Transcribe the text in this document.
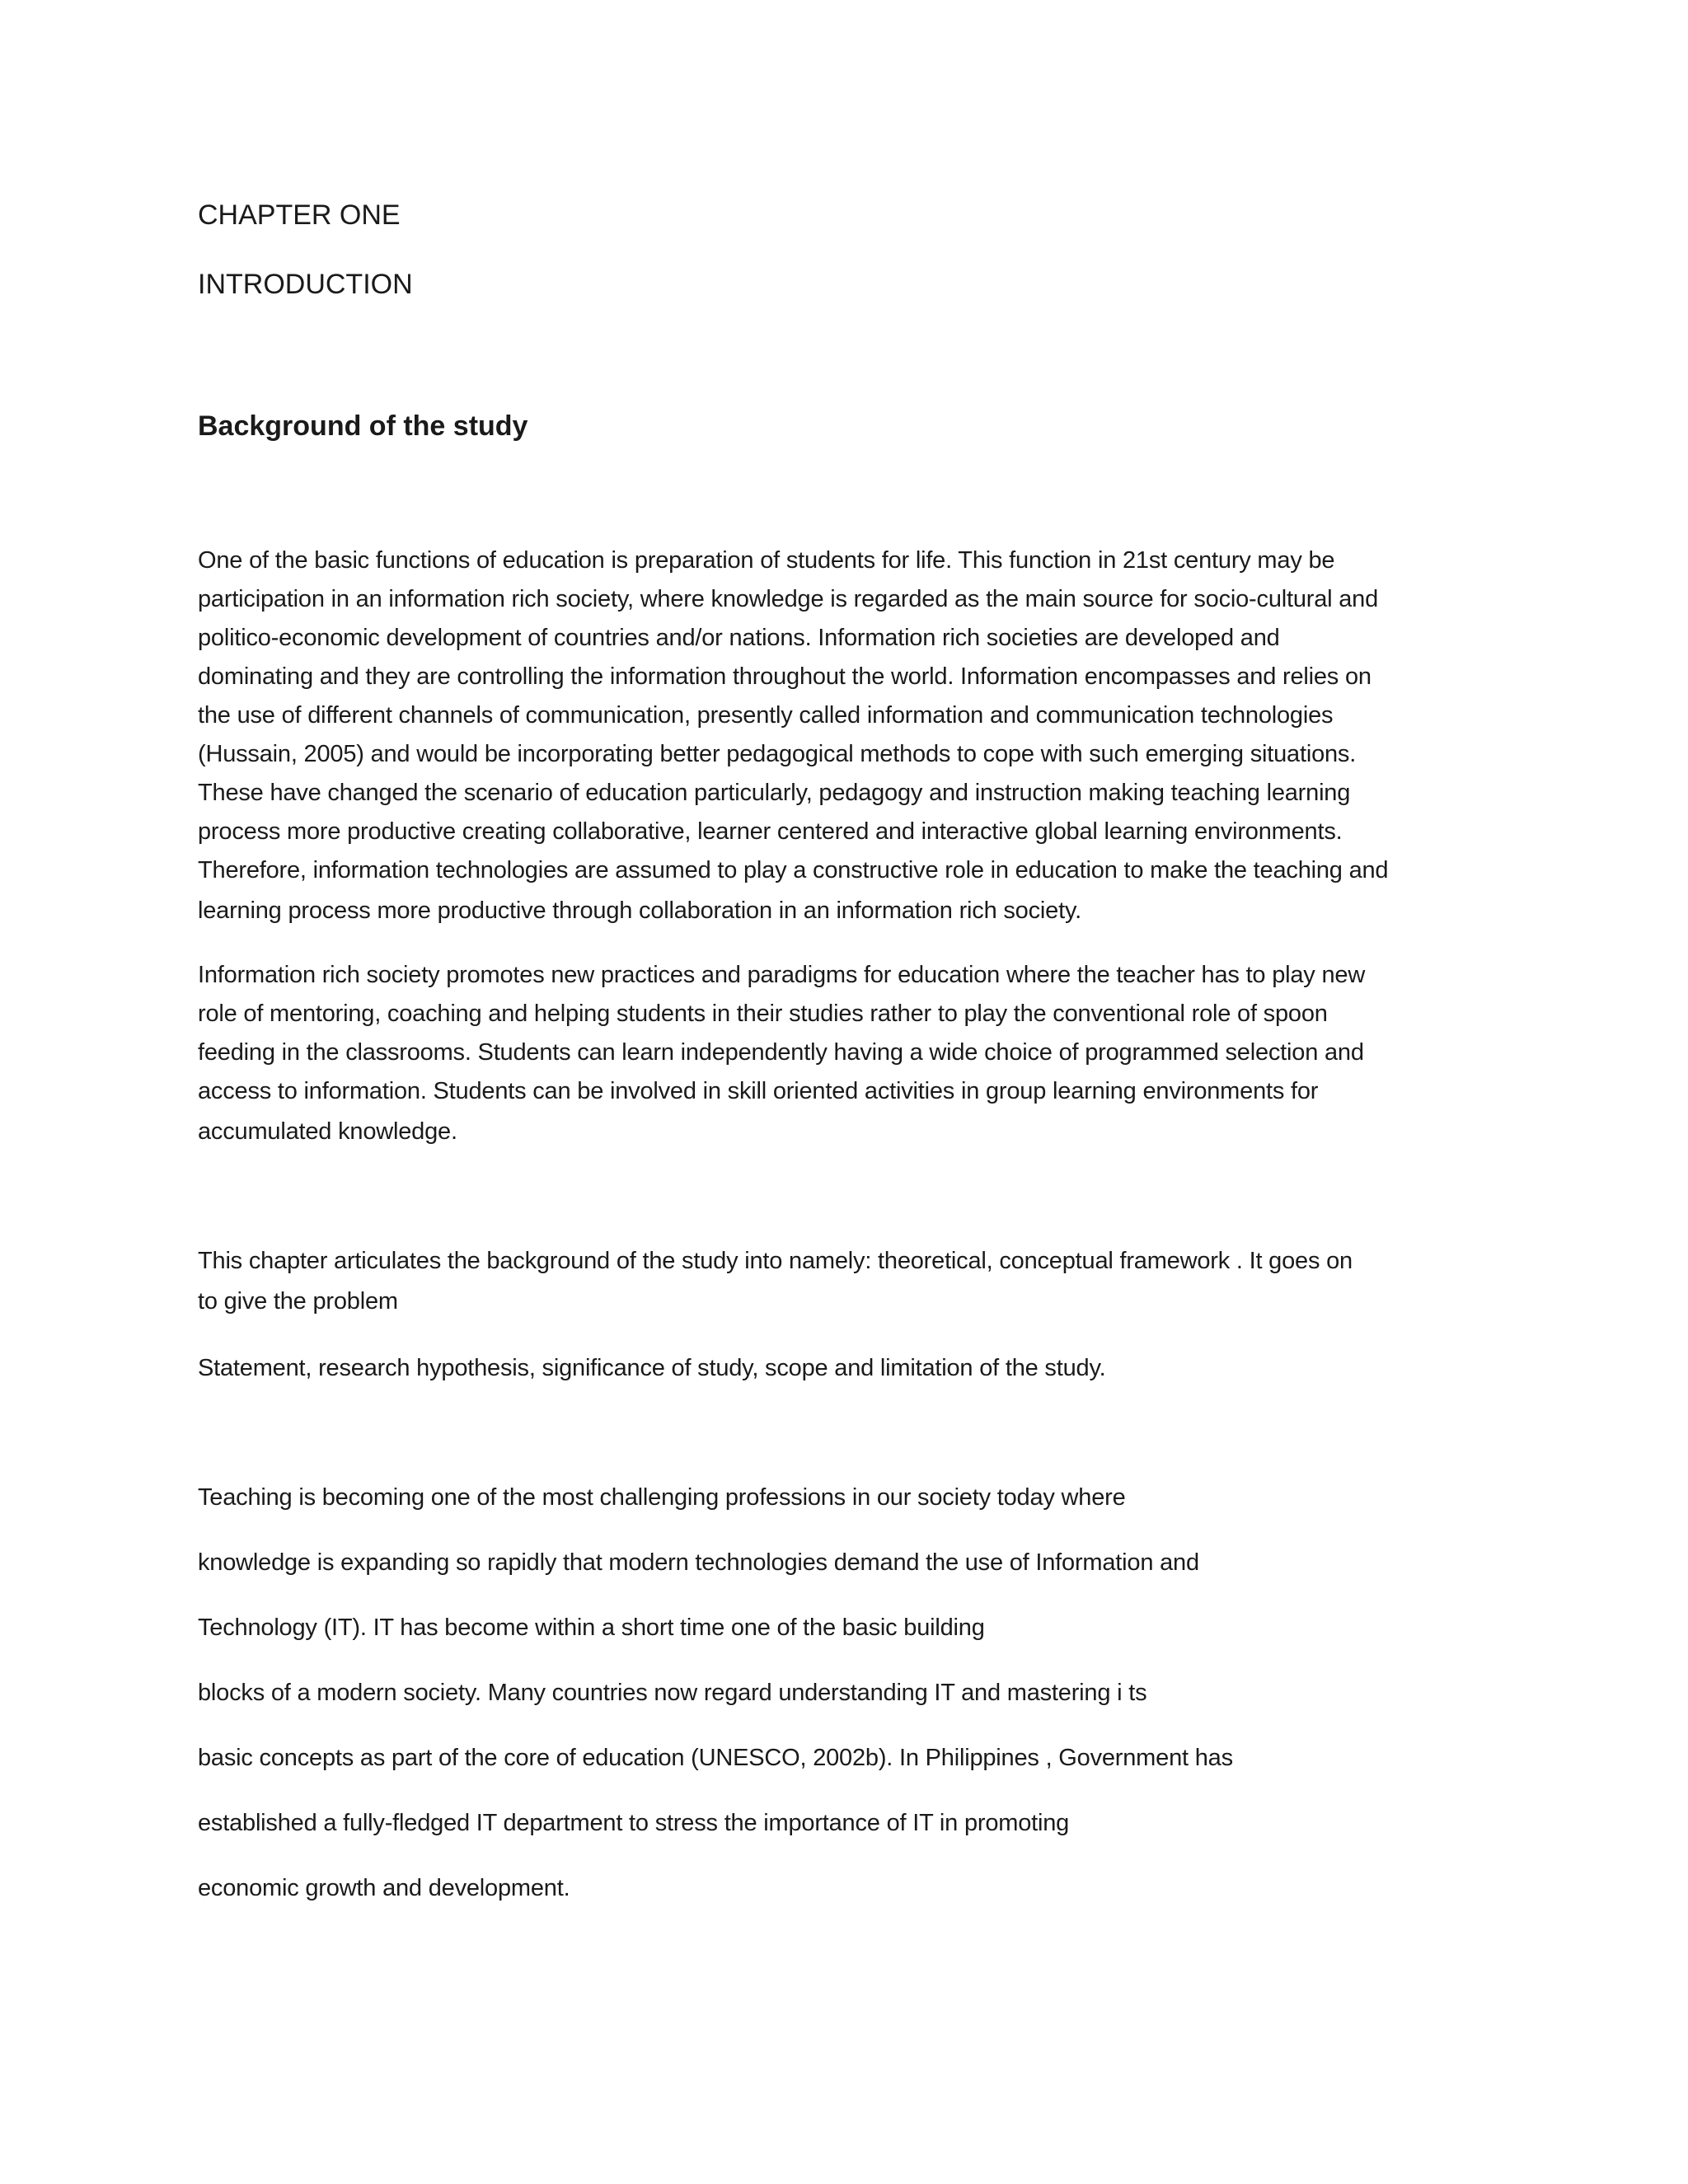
CHAPTER ONE
INTRODUCTION
Background of the study
One of the basic functions of education is preparation of students for life. This function in 21st century may be
participation in an information rich society, where knowledge is regarded as the main source for socio-cultural and
politico-economic development of countries and/or nations. Information rich societies are developed and
dominating and they are controlling the information throughout the world. Information encompasses and relies on
the use of different channels of communication, presently called information and communication technologies
(Hussain, 2005) and would be incorporating better pedagogical methods to cope with such emerging situations.
These have changed the scenario of education particularly, pedagogy and instruction making teaching learning
process more productive creating collaborative, learner centered and interactive global learning environments.
Therefore, information technologies are assumed to play a constructive role in education to make the teaching and
learning process more productive through collaboration in an information rich society.
Information rich society promotes new practices and paradigms for education where the teacher has to play new
role of mentoring, coaching and helping students in their studies rather to play the conventional role of spoon
feeding in the classrooms. Students can learn independently having a wide choice of programmed selection and
access to information. Students can be involved in skill oriented activities in group learning environments for
accumulated knowledge.
This chapter articulates the background of the study into namely: theoretical, conceptual framework . It goes on
to give the problem
Statement, research hypothesis, significance of study, scope and limitation of the study.
Teaching is becoming one of the most challenging professions in our society today where
knowledge is expanding so rapidly that modern technologies demand the use of Information and
Technology (IT). IT has become within a short time one of the basic building
blocks of a modern society. Many countries now regard understanding IT and mastering i ts
basic concepts as part of the core of education (UNESCO, 2002b). In Philippines , Government has
established a fully-fledged IT department to stress the importance of IT in promoting
economic growth and development.
